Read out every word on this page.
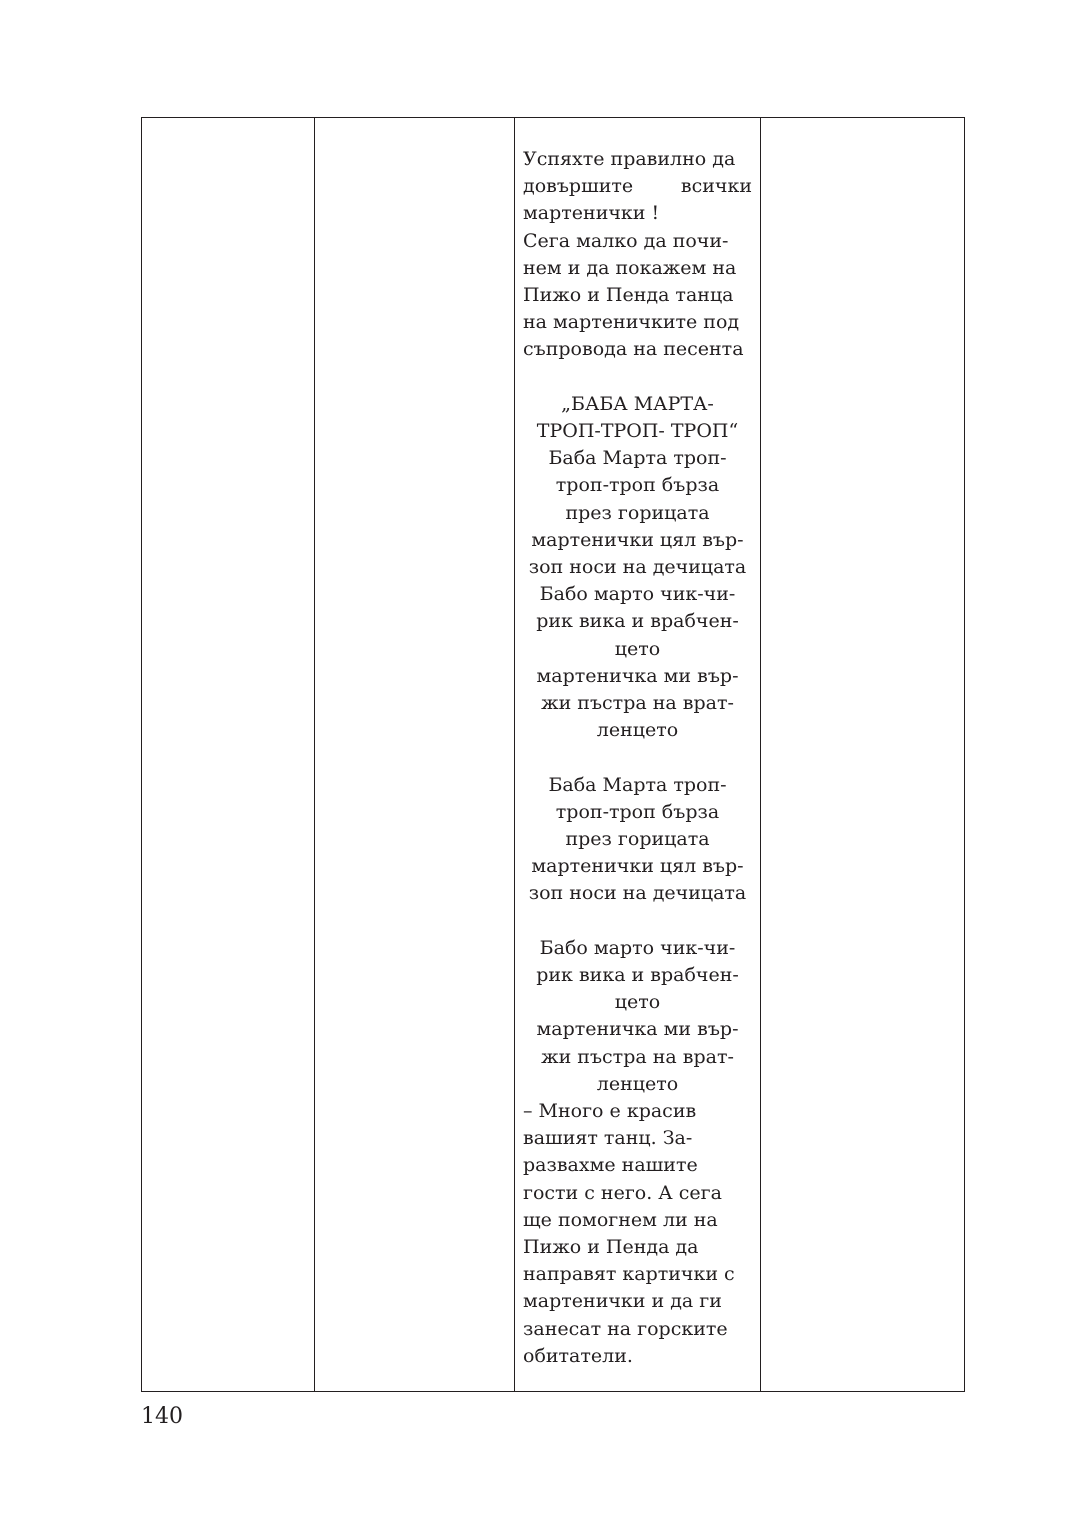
Успяхте правилно да
довършите	всички
мартенички !
Сега малко да почи-
нем и да покажем на
Пижо и Пенда танца
на мартеничките под
съпровода на песента
„БАБА МАРТА-
ТРОП-ТРОП- ТРОП“
Баба Марта троп-
троп-троп бърза
през горицата
мартенички цял вър-
зоп носи на дечицата
Бабо марто чик-чи-
рик вика и врабчен-
цето
мартеничка ми вър-
жи пъстра на врат-
ленцето
Баба Марта троп-
троп-троп бърза
през горицата
мартенички цял вър-
зоп носи на дечицата
Бабо марто чик-чи-
рик вика и врабчен-
цето
мартеничка ми вър-
жи пъстра на врат-
ленцето
– Много е красив
вашият танц. За-
развахме нашите
гости с него. А сега
ще помогнем ли на
Пижо и Пенда да
направят картички с
мартенички и да ги
занесат на горските
обитатели.
140
